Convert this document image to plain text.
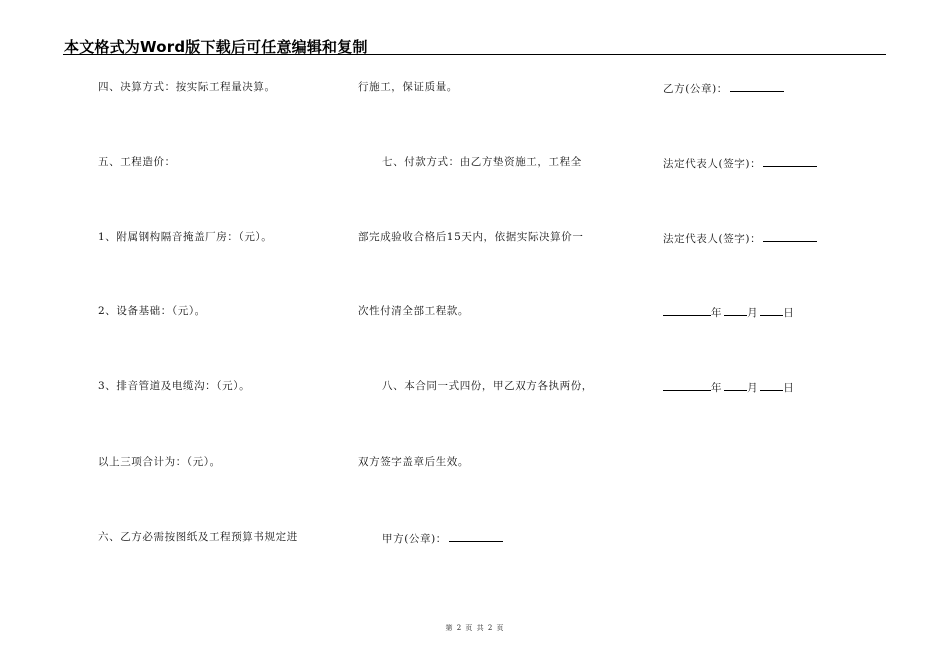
本文格式为Word版下载后可任意编辑和复制
四、决算方式：按实际工程量决算。
五、工程造价：
1、附属钢构隔音掩盖厂房：（元）。
2、设备基础：（元）。
3、排音管道及电缆沟：（元）。
以上三项合计为：（元）。
六、乙方必需按图纸及工程预算书规定进
行施工，保证质量。
七、付款方式：由乙方垫资施工，工程全
部完成验收合格后15天内，依据实际决算价一
次性付清全部工程款。
八、本合同一式四份，甲乙双方各执两份，
双方签字盖章后生效。
甲方(公章)：
乙方(公章)：
法定代表人(签字)：
法定代表人(签字)：
年 月 日
年 月 日
第 2 页 共 2 页
